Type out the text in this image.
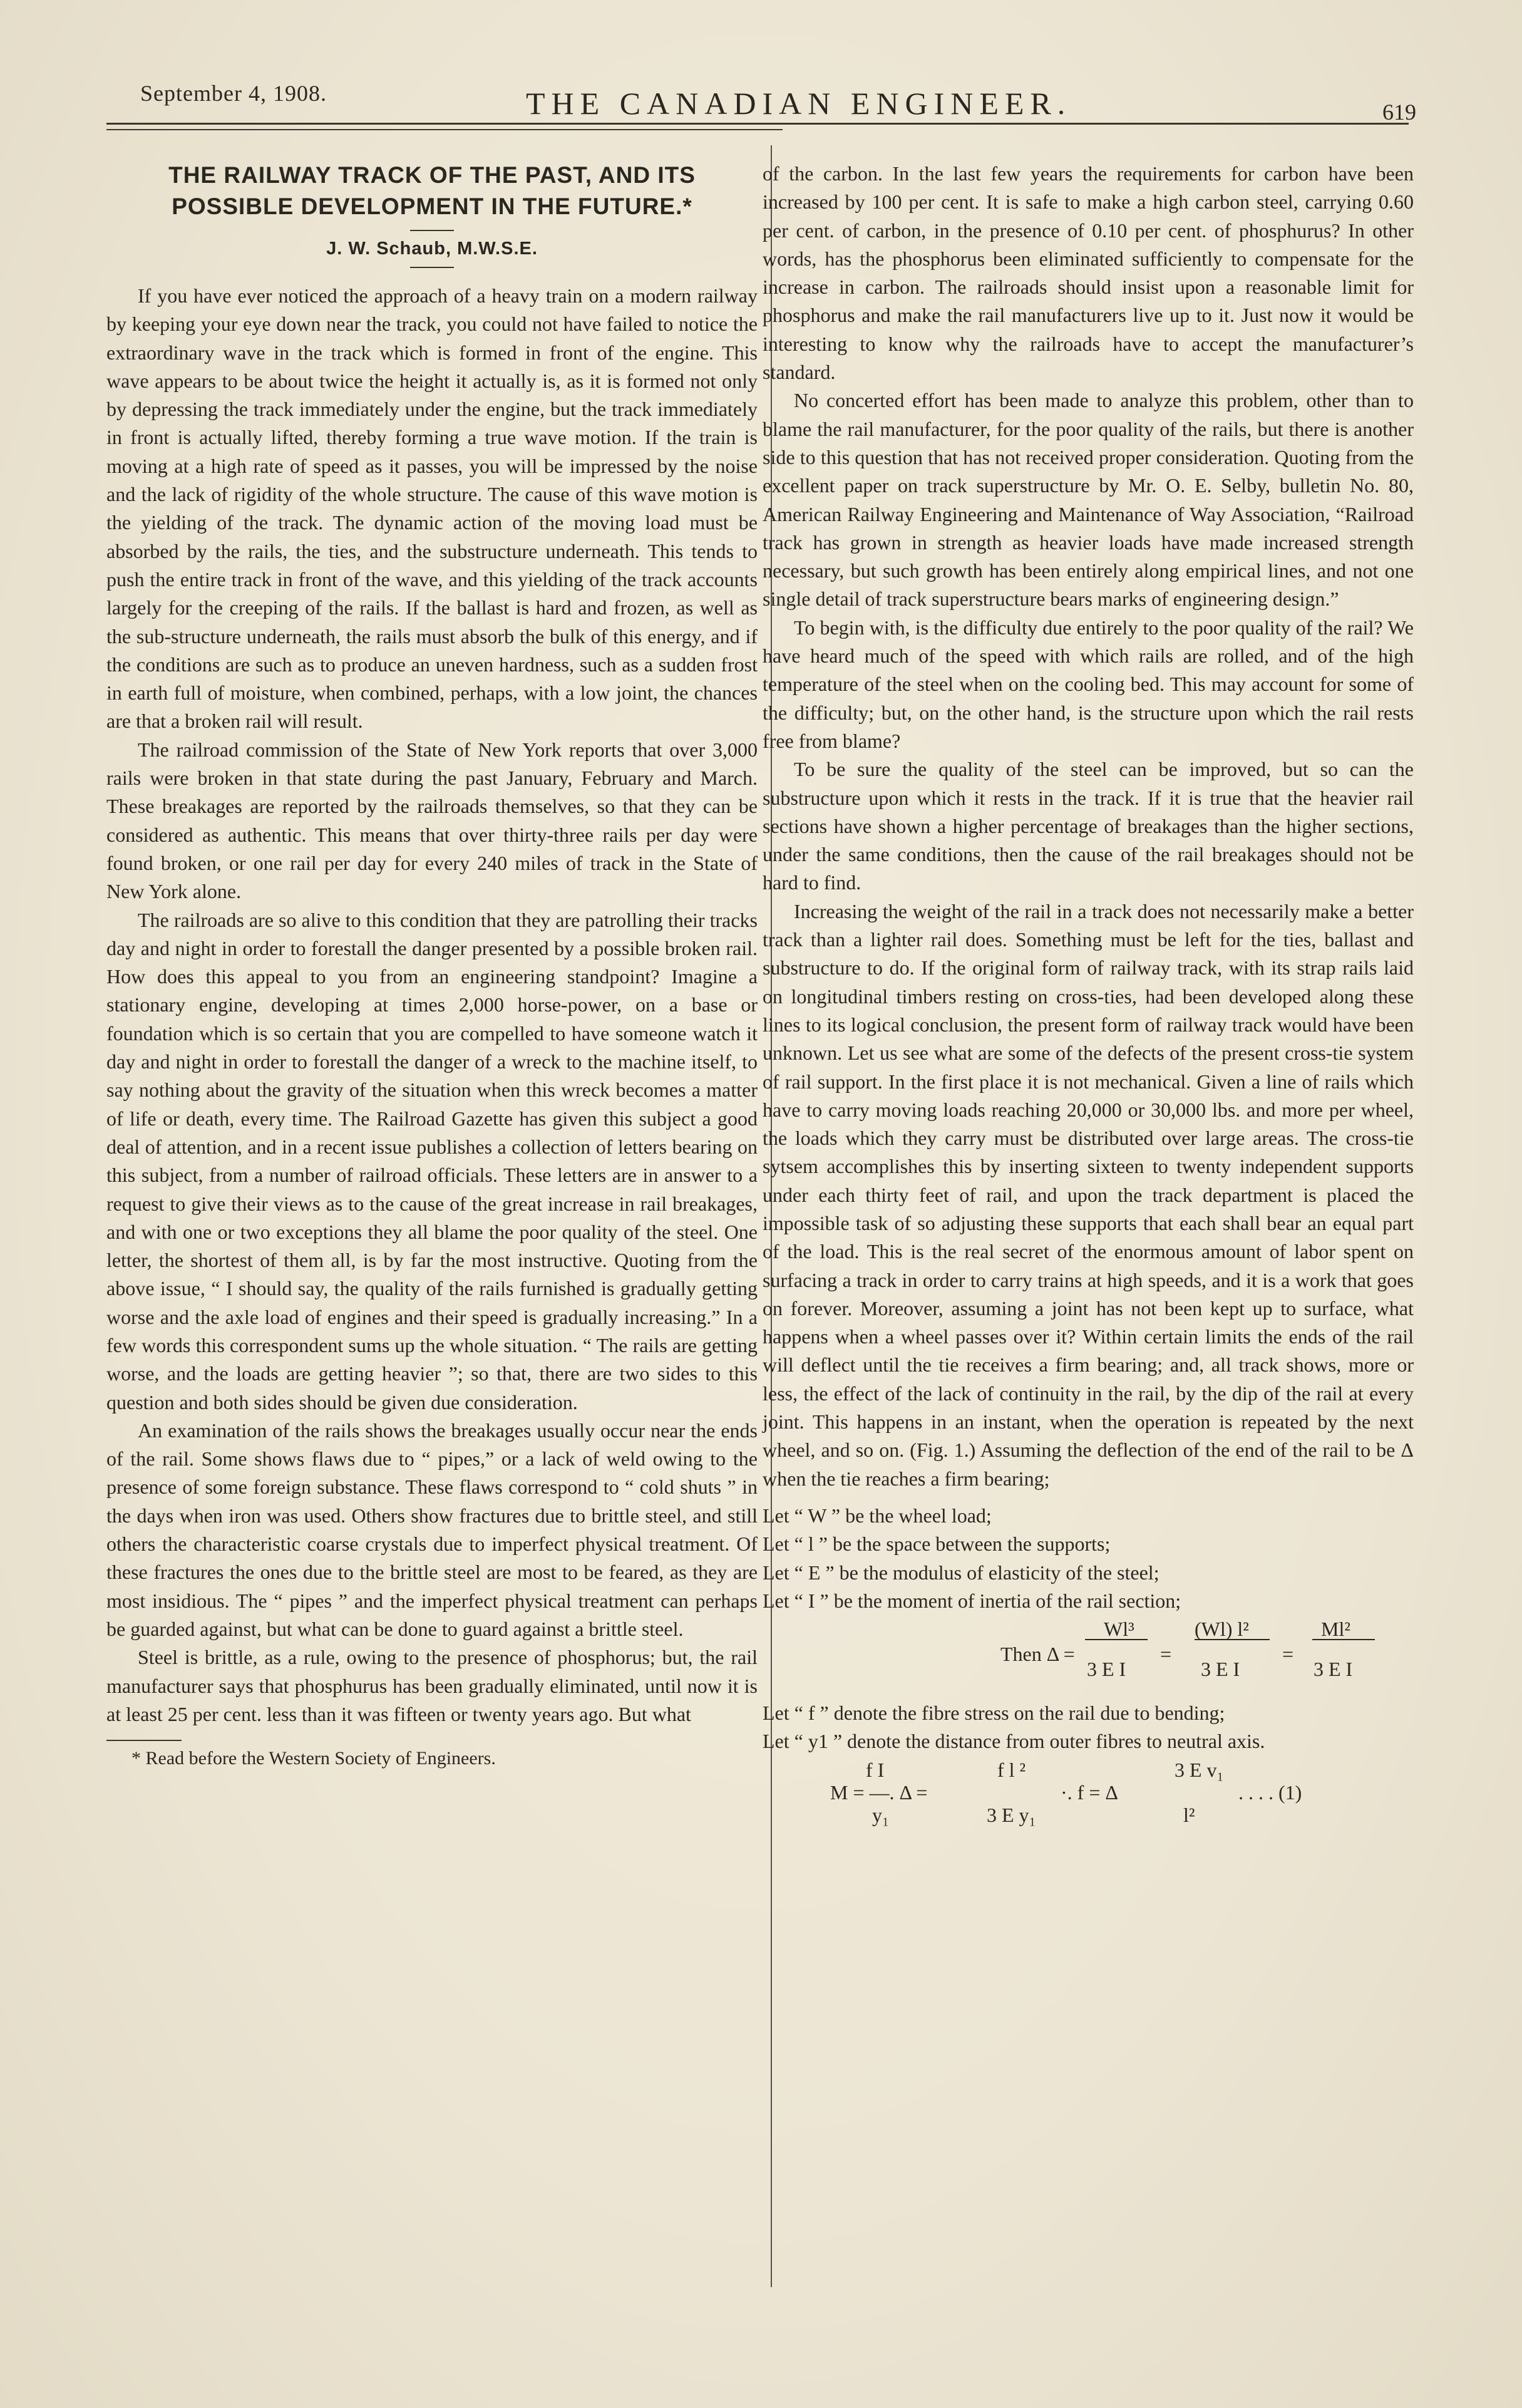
September 4, 1908.	THE CANADIAN ENGINEER.	619
THE RAILWAY TRACK OF THE PAST, AND ITS POSSIBLE DEVELOPMENT IN THE FUTURE.*
J. W. Schaub, M.W.S.E.

If you have ever noticed the approach of a heavy train on a modern railway by keeping your eye down near the track, you could not have failed to notice the extraordinary wave in the track which is formed in front of the engine. This wave appears to be about twice the height it actually is, as it is formed not only by depressing the track immediately under the engine, but the track immediately in front is actually lifted, thereby forming a true wave motion. If the train is moving at a high rate of speed as it passes, you will be impressed by the noise and the lack of rigidity of the whole structure. The cause of this wave motion is the yielding of the track. The dynamic action of the moving load must be absorbed by the rails, the ties, and the substructure underneath. This tends to push the entire track in front of the wave, and this yielding of the track accounts largely for the creeping of the rails. If the ballast is hard and frozen, as well as the sub-structure underneath, the rails must absorb the bulk of this energy, and if the conditions are such as to produce an uneven hardness, such as a sudden frost in earth full of moisture, when combined, perhaps, with a low joint, the chances are that a broken rail will result.

The railroad commission of the State of New York reports that over 3,000 rails were broken in that state during the past January, February and March. These breakages are reported by the railroads themselves, so that they can be considered as authentic. This means that over thirty-three rails per day were found broken, or one rail per day for every 240 miles of track in the State of New York alone.

The railroads are so alive to this condition that they are patrolling their tracks day and night in order to forestall the danger presented by a possible broken rail. How does this appeal to you from an engineering standpoint? Imagine a stationary engine, developing at times 2,000 horse-power, on a base or foundation which is so certain that you are compelled to have someone watch it day and night in order to forestall the danger of a wreck to the machine itself, to say nothing about the gravity of the situation when this wreck becomes a matter of life or death, every time. The Railroad Gazette has given this subject a good deal of attention, and in a recent issue publishes a collection of letters bearing on this subject, from a number of railroad officials. These letters are in answer to a request to give their views as to the cause of the great increase in rail breakages, and with one or two exceptions they all blame the poor quality of the steel. One letter, the shortest of them all, is by far the most instructive. Quoting from the above issue, “ I should say, the quality of the rails furnished is gradually getting worse and the axle load of engines and their speed is gradually increasing.” In a few words this correspondent sums up the whole situation. “ The rails are getting worse, and the loads are getting heavier ”; so that, there are two sides to this question and both sides should be given due consideration.

An examination of the rails shows the breakages usually occur near the ends of the rail. Some shows flaws due to “ pipes,” or a lack of weld owing to the presence of some foreign substance. These flaws correspond to “ cold shuts ” in the days when iron was used. Others show fractures due to brittle steel, and still others the characteristic coarse crystals due to imperfect physical treatment. Of these fractures the ones due to the brittle steel are most to be feared, as they are most insidious. The “ pipes ” and the imperfect physical treatment can perhaps be guarded against, but what can be done to guard against a brittle steel.

Steel is brittle, as a rule, owing to the presence of phosphorus; but, the rail manufacturer says that phosphurus has been gradually eliminated, until now it is at least 25 per cent. less than it was fifteen or twenty years ago. But what

* Read before the Western Society of Engineers.

of the carbon. In the last few years the requirements for carbon have been increased by 100 per cent. It is safe to make a high carbon steel, carrying 0.60 per cent. of carbon, in the presence of 0.10 per cent. of phosphurus? In other words, has the phosphorus been eliminated sufficiently to compensate for the increase in carbon. The railroads should insist upon a reasonable limit for phosphorus and make the rail manufacturers live up to it. Just now it would be interesting to know why the railroads have to accept the manufacturer’s standard.

No concerted effort has been made to analyze this problem, other than to blame the rail manufacturer, for the poor quality of the rails, but there is another side to this question that has not received proper consideration. Quoting from the excellent paper on track superstructure by Mr. O. E. Selby, bulletin No. 80, American Railway Engineering and Maintenance of Way Association, “Railroad track has grown in strength as heavier loads have made increased strength necessary, but such growth has been entirely along empirical lines, and not one single detail of track superstructure bears marks of engineering design.”

To begin with, is the difficulty due entirely to the poor quality of the rail? We have heard much of the speed with which rails are rolled, and of the high temperature of the steel when on the cooling bed. This may account for some of the difficulty; but, on the other hand, is the structure upon which the rail rests free from blame?

To be sure the quality of the steel can be improved, but so can the substructure upon which it rests in the track. If it is true that the heavier rail sections have shown a higher percentage of breakages than the higher sections, under the same conditions, then the cause of the rail breakages should not be hard to find.

Increasing the weight of the rail in a track does not necessarily make a better track than a lighter rail does. Something must be left for the ties, ballast and substructure to do. If the original form of railway track, with its strap rails laid on longitudinal timbers resting on cross-ties, had been developed along these lines to its logical conclusion, the present form of railway track would have been unknown. Let us see what are some of the defects of the present cross-tie system of rail support. In the first place it is not mechanical. Given a line of rails which have to carry moving loads reaching 20,000 or 30,000 lbs. and more per wheel, the loads which they carry must be distributed over large areas. The cross-tie sytsem accomplishes this by inserting sixteen to twenty independent supports under each thirty feet of rail, and upon the track department is placed the impossible task of so adjusting these supports that each shall bear an equal part of the load. This is the real secret of the enormous amount of labor spent on surfacing a track in order to carry trains at high speeds, and it is a work that goes on forever. Moreover, assuming a joint has not been kept up to surface, what happens when a wheel passes over it? Within certain limits the ends of the rail will deflect until the tie receives a firm bearing; and, all track shows, more or less, the effect of the lack of continuity in the rail, by the dip of the rail at every joint. This happens in an instant, when the operation is repeated by the next wheel, and so on. (Fig. 1.) Assuming the deflection of the end of the rail to be Δ when the tie reaches a firm bearing;

Let “ W ” be the wheel load;
Let “ l ” be the space between the supports;
Let “ E ” be the modulus of elasticity of the steel;
Let “ I ” be the moment of inertia of the rail section;
Then Δ =
Wl³
3 E I
=
(Wl) l²
3 E I
=
Ml²
3 E I
Let “ f ” denote the fibre stress on the rail due to bending;
Let “ y1 ” denote the distance from outer fibres to neutral axis.
f I
y₁
M = —. Δ =
f l ²
3 E y₁
·. f = Δ
3 E v₁
l²
. . . . (1)
